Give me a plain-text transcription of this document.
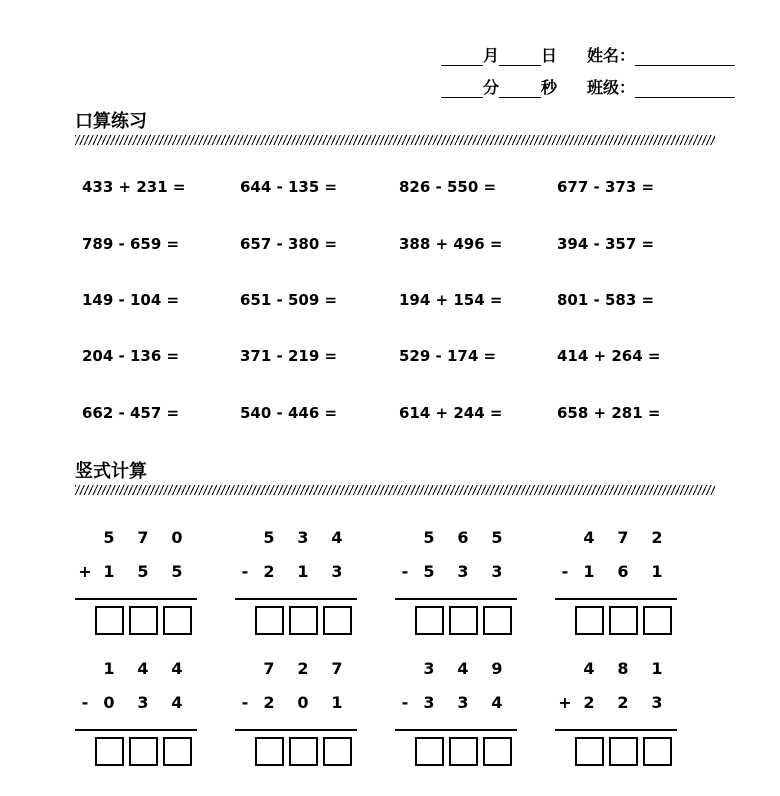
月	日 姓名：
分	秒 班级：
口算练习
433 + 231 =	644 - 135 =	826 - 550 =	677 - 373 =
789 - 659 =	657 - 380 =	388 + 496 =	394 - 357 =
149 - 104 =	651 - 509 =	194 + 154 =	801 - 583 =
204 - 136 =	371 - 219 =	529 - 174 =	414 + 264 =
662 - 457 =	540 - 446 =	614 + 244 =	658 + 281 =
竖式计算
5 7 0
+ 1 5 5
5 3 4
- 2 1 3
5 6 5
- 5 3 3
4 7 2
- 1 6 1
1 4 4
- 0 3 4
7 2 7
- 2 0 1
3 4 9
- 3 3 4
4 8 1
+ 2 2 3
